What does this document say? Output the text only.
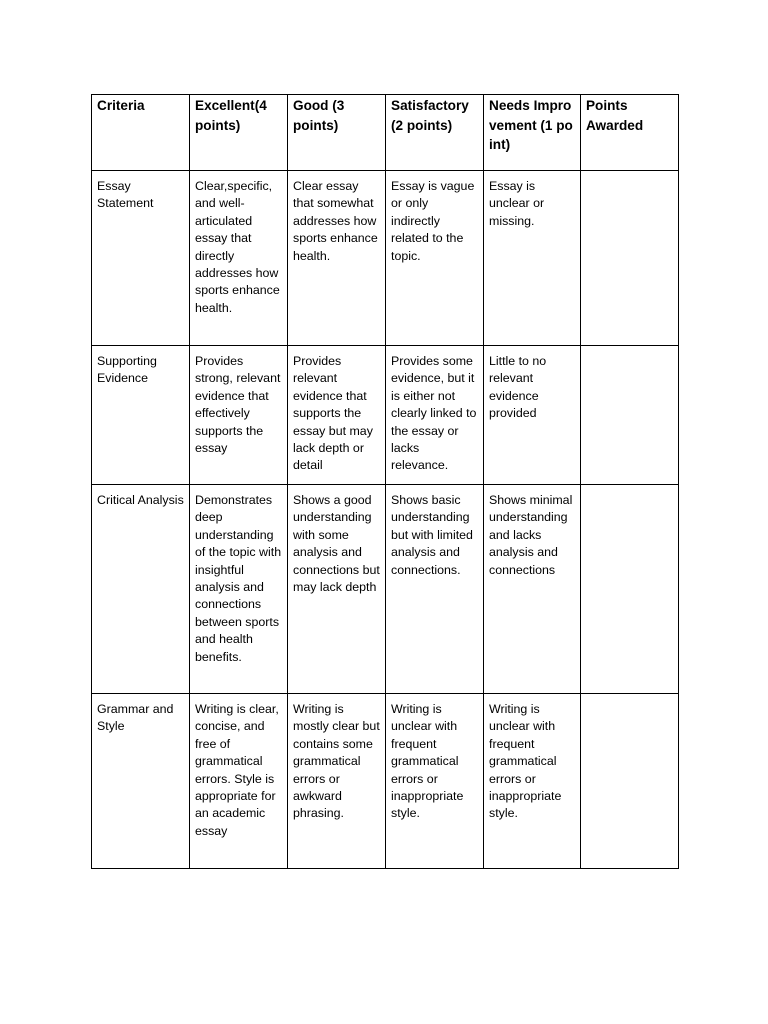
Criteria	Excellent(4 points)	Good (3 points)	Satisfactory (2 points)	Needs Improvement (1 point)	Points Awarded

Essay Statement	Clear,specific, and well-articulated essay that directly addresses how sports enhance health.	Clear essay that somewhat addresses how sports enhance health.	Essay is vague or only indirectly related to the topic.	Essay is unclear or missing.	

Supporting Evidence	Provides strong, relevant evidence that effectively supports the essay	Provides relevant evidence that supports the essay but may lack depth or detail	Provides some evidence, but it is either not clearly linked to the essay or lacks relevance.	Little to no relevant evidence provided	

Critical Analysis	Demonstrates deep understanding of the topic with insightful analysis and connections between sports and health benefits.	Shows a good understanding with some analysis and connections but may lack depth	Shows basic understanding but with limited analysis and connections.	Shows minimal understanding and lacks analysis and connections	

Grammar and Style	Writing is clear, concise, and free of grammatical errors. Style is appropriate for an academic essay	Writing is mostly clear but contains some grammatical errors or awkward phrasing.	Writing is unclear with frequent grammatical errors or inappropriate style.	Writing is unclear with frequent grammatical errors or inappropriate style.	
